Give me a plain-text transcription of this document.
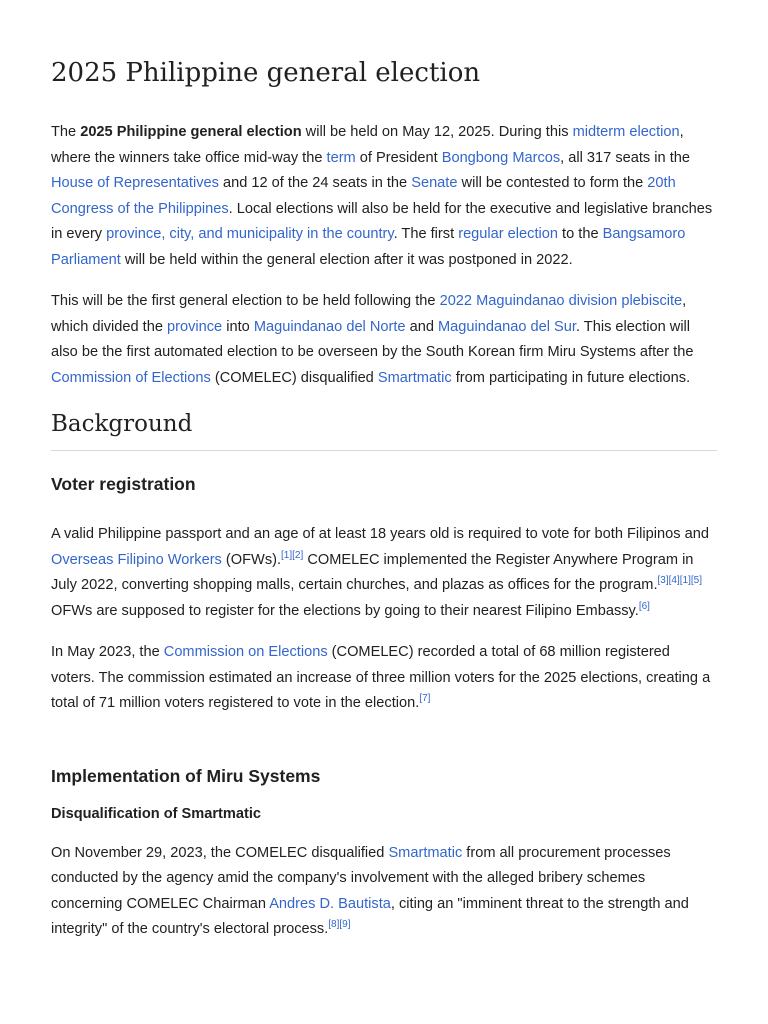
2025 Philippine general election

The 2025 Philippine general election will be held on May 12, 2025. During this midterm election, where the winners take office mid-way the term of President Bongbong Marcos, all 317 seats in the House of Representatives and 12 of the 24 seats in the Senate will be contested to form the 20th Congress of the Philippines. Local elections will also be held for the executive and legislative branches in every province, city, and municipality in the country. The first regular election to the Bangsamoro Parliament will be held within the general election after it was postponed in 2022.

This will be the first general election to be held following the 2022 Maguindanao division plebiscite, which divided the province into Maguindanao del Norte and Maguindanao del Sur. This election will also be the first automated election to be overseen by the South Korean firm Miru Systems after the Commission of Elections (COMELEC) disqualified Smartmatic from participating in future elections.

Background
Voter registration

A valid Philippine passport and an age of at least 18 years old is required to vote for both Filipinos and Overseas Filipino Workers (OFWs).[1][2] COMELEC implemented the Register Anywhere Program in July 2022, converting shopping malls, certain churches, and plazas as offices for the program.[3][4][1][5] OFWs are supposed to register for the elections by going to their nearest Filipino Embassy.[6]

In May 2023, the Commission on Elections (COMELEC) recorded a total of 68 million registered voters. The commission estimated an increase of three million voters for the 2025 elections, creating a total of 71 million voters registered to vote in the election.[7]

Implementation of Miru Systems
Disqualification of Smartmatic

On November 29, 2023, the COMELEC disqualified Smartmatic from all procurement processes conducted by the agency amid the company's involvement with the alleged bribery schemes concerning COMELEC Chairman Andres D. Bautista, citing an "imminent threat to the strength and integrity" of the country's electoral process.[8][9]
